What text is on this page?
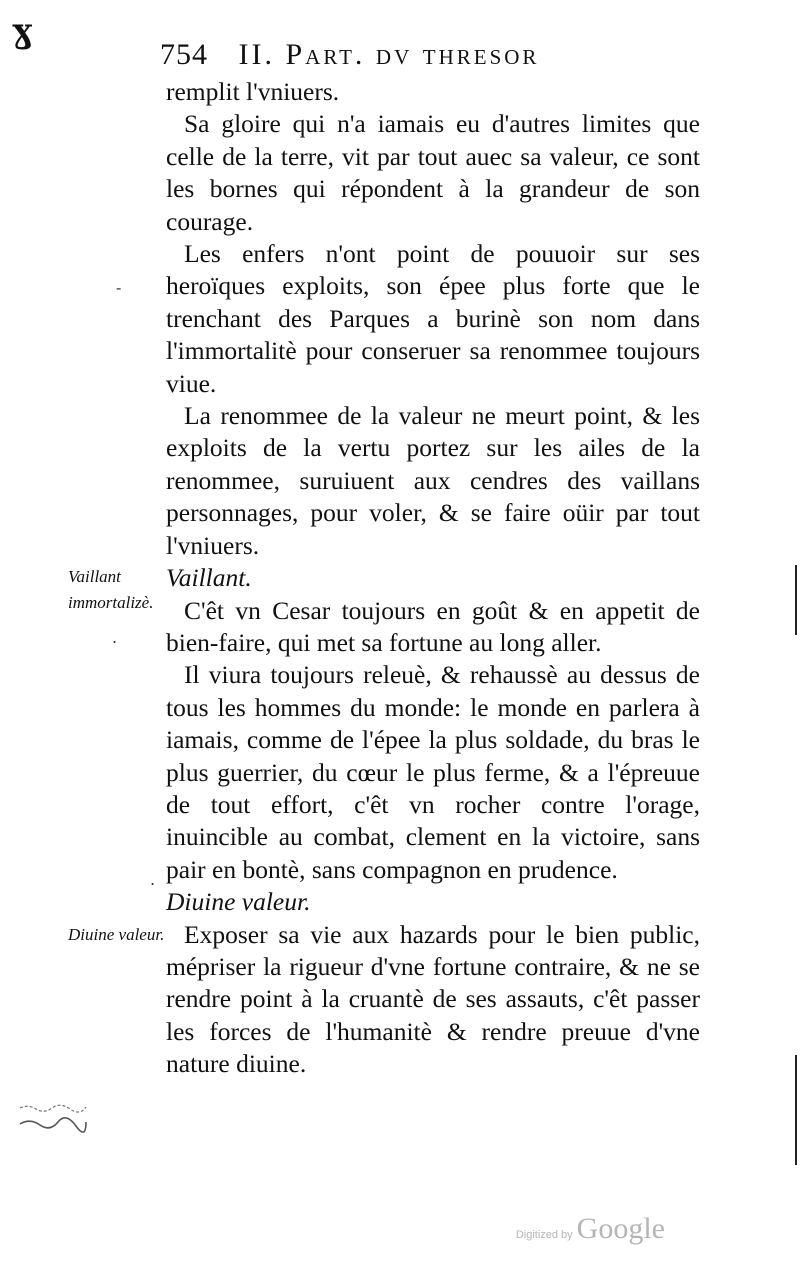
ɣ
754 II. Part. dv thresor

remplit l'vniuers.

Sa gloire qui n'a iamais eu d'autres limites que celle de la terre, vit par tout auec sa valeur, ce sont les bornes qui répondent à la grandeur de son courage.

Les enfers n'ont point de pouuoir sur ses heroïques exploits, son épee plus forte que le trenchant des Parques a burinè son nom dans l'immortalitè pour conseruer sa renommee toujours viue.

La renommee de la valeur ne meurt point, & les exploits de la vertu portez sur les ailes de la renommee, suruiuent aux cendres des vaillans personnages, pour voler, & se faire oüir par tout l'vniuers.

Vaillant.

C'êt vn Cesar toujours en goût & en appetit de bien-faire, qui met sa fortune au long aller.

Il viura toujours releuè, & rehaussè au dessus de tous les hommes du monde: le monde en parlera à iamais, comme de l'épee la plus soldade, du bras le plus guerrier, du cœur le plus ferme, & a l'épreuue de tout effort, c'êt vn rocher contre l'orage, inuincible au combat, clement en la victoire, sans pair en bontè, sans compagnon en prudence.

Diuine valeur.

Exposer sa vie aux hazards pour le bien public, mépriser la rigueur d'vne fortune contraire, & ne se rendre point à la cruantè de ses assauts, c'êt passer les forces de l'humanitè & rendre preuue d'vne nature diuine.

Vaillant immortalizè.
Diuine valeur.
-
.
.
Digitized by Google
